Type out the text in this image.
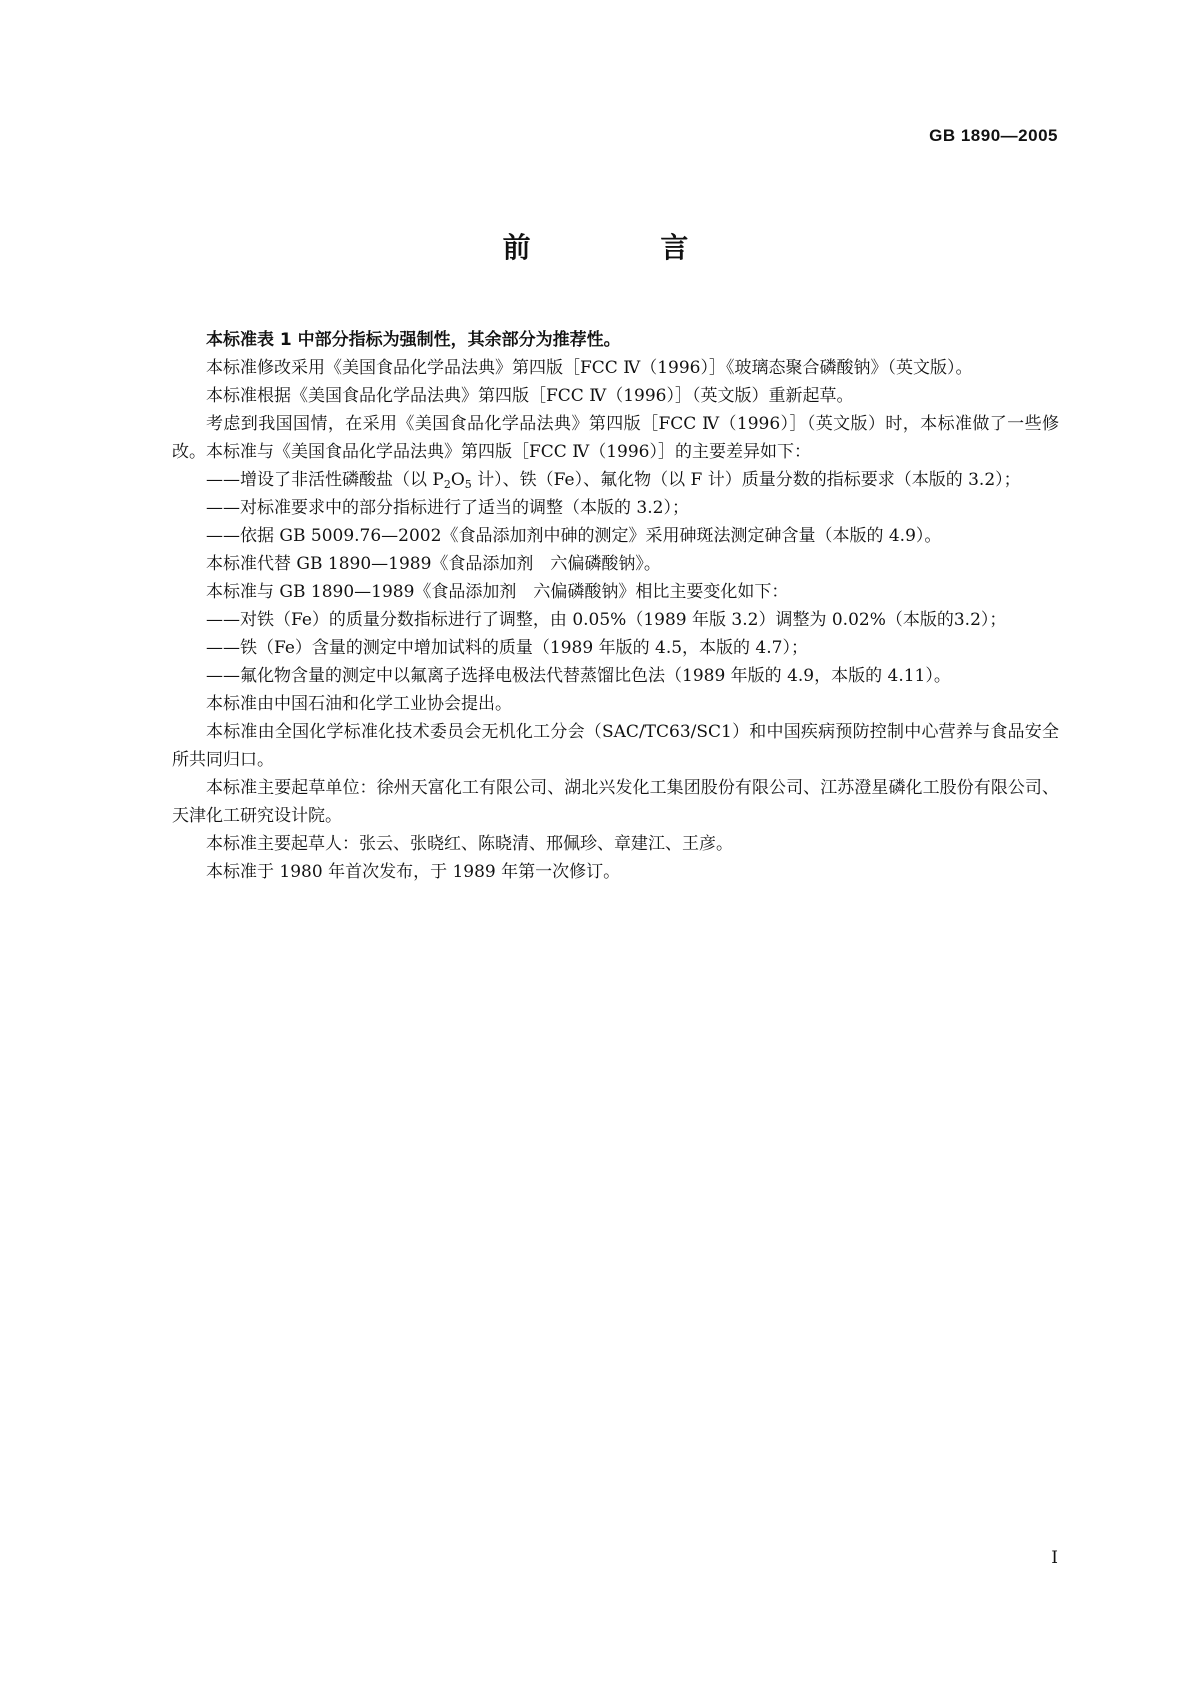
GB 1890—2005
前 言

本标准表 1 中部分指标为强制性，其余部分为推荐性。

本标准修改采用《美国食品化学品法典》第四版［FCC Ⅳ（1996）］《玻璃态聚合磷酸钠》（英文版）。

本标准根据《美国食品化学品法典》第四版［FCC Ⅳ（1996）］（英文版）重新起草。

考虑到我国国情，在采用《美国食品化学品法典》第四版［FCC Ⅳ（1996）］（英文版）时，本标准做了一些修改。本标准与《美国食品化学品法典》第四版［FCC Ⅳ（1996）］的主要差异如下：

——增设了非活性磷酸盐（以 $P_2O_5$ 计）、铁（Fe）、氟化物（以 F 计）质量分数的指标要求（本版的 3.2）；

——对标准要求中的部分指标进行了适当的调整（本版的 3.2）；

——依据 GB 5009.76—2002《食品添加剂中砷的测定》采用砷斑法测定砷含量（本版的 4.9）。

本标准代替 GB 1890—1989《食品添加剂　六偏磷酸钠》。

本标准与 GB 1890—1989《食品添加剂　六偏磷酸钠》相比主要变化如下：

——对铁（Fe）的质量分数指标进行了调整，由 0.05%（1989 年版 3.2）调整为 0.02%（本版的3.2）；

——铁（Fe）含量的测定中增加试料的质量（1989 年版的 4.5，本版的 4.7）；

——氟化物含量的测定中以氟离子选择电极法代替蒸馏比色法（1989 年版的 4.9，本版的 4.11）。

本标准由中国石油和化学工业协会提出。

本标准由全国化学标准化技术委员会无机化工分会（SAC/TC63/SC1）和中国疾病预防控制中心营养与食品安全所共同归口。

本标准主要起草单位：徐州天富化工有限公司、湖北兴发化工集团股份有限公司、江苏澄星磷化工股份有限公司、天津化工研究设计院。

本标准主要起草人：张云、张晓红、陈晓清、邢佩珍、章建江、王彦。

本标准于 1980 年首次发布，于 1989 年第一次修订。

I
